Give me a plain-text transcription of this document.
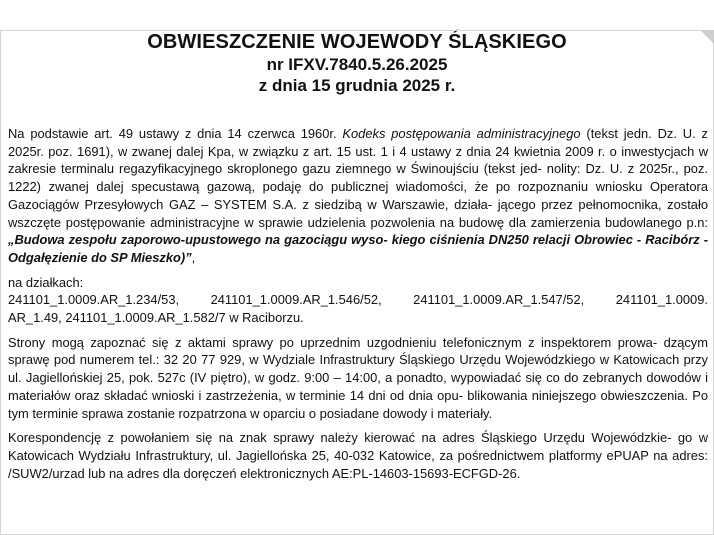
OBWIESZCZENIE WOJEWODY ŚLĄSKIEGO
nr IFXV.7840.5.26.2025
z dnia 15 grudnia 2025 r.

Na podstawie art. 49 ustawy z dnia 14 czerwca 1960r. Kodeks postępowania administracyjnego (tekst jedn. Dz. U. z 2025r. poz. 1691), w zwanej dalej Kpa, w związku z art. 15 ust. 1 i 4 ustawy z dnia 24 kwietnia 2009 r. o inwestycjach w zakresie terminalu regazyfikacyjnego skroplonego gazu ziemnego w Świnoujściu (tekst jed- nolity: Dz. U. z 2025r., poz. 1222) zwanej dalej specustawą gazową, podaję do publicznej wiadomości, że po rozpoznaniu wniosku Operatora Gazociągów Przesyłowych GAZ – SYSTEM S.A. z siedzibą w Warszawie, działa- jącego przez pełnomocnika, zostało wszczęte postępowanie administracyjne w sprawie udzielenia pozwolenia na budowę dla zamierzenia budowlanego p.n: „Budowa zespołu zaporowo-upustowego na gazociągu wyso- kiego ciśnienia DN250 relacji Obrowiec - Racibórz - Odgałęzienie do SP Mieszko)”,

na działkach:

241101_1.0009.AR_1.234/53, 241101_1.0009.AR_1.546/52, 241101_1.0009.AR_1.547/52, 241101_1.0009.

AR_1.49, 241101_1.0009.AR_1.582/7 w Raciborzu.

Strony mogą zapoznać się z aktami sprawy po uprzednim uzgodnieniu telefonicznym z inspektorem prowa- dzącym sprawę pod numerem tel.: 32 20 77 929, w Wydziale Infrastruktury Śląskiego Urzędu Wojewódzkiego w Katowicach przy ul. Jagiellońskiej 25, pok. 527c (IV piętro), w godz. 9:00 – 14:00, a ponadto, wypowiadać się co do zebranych dowodów i materiałów oraz składać wnioski i zastrzeżenia, w terminie 14 dni od dnia opu- blikowania niniejszego obwieszczenia. Po tym terminie sprawa zostanie rozpatrzona w oparciu o posiadane dowody i materiały.

Korespondencję z powołaniem się na znak sprawy należy kierować na adres Śląskiego Urzędu Wojewódzkie- go w Katowicach Wydziału Infrastruktury, ul. Jagiellońska 25, 40-032 Katowice, za pośrednictwem platformy ePUAP na adres: /SUW2/urzad lub na adres dla doręczeń elektronicznych AE:PL-14603-15693-ECFGD-26.
